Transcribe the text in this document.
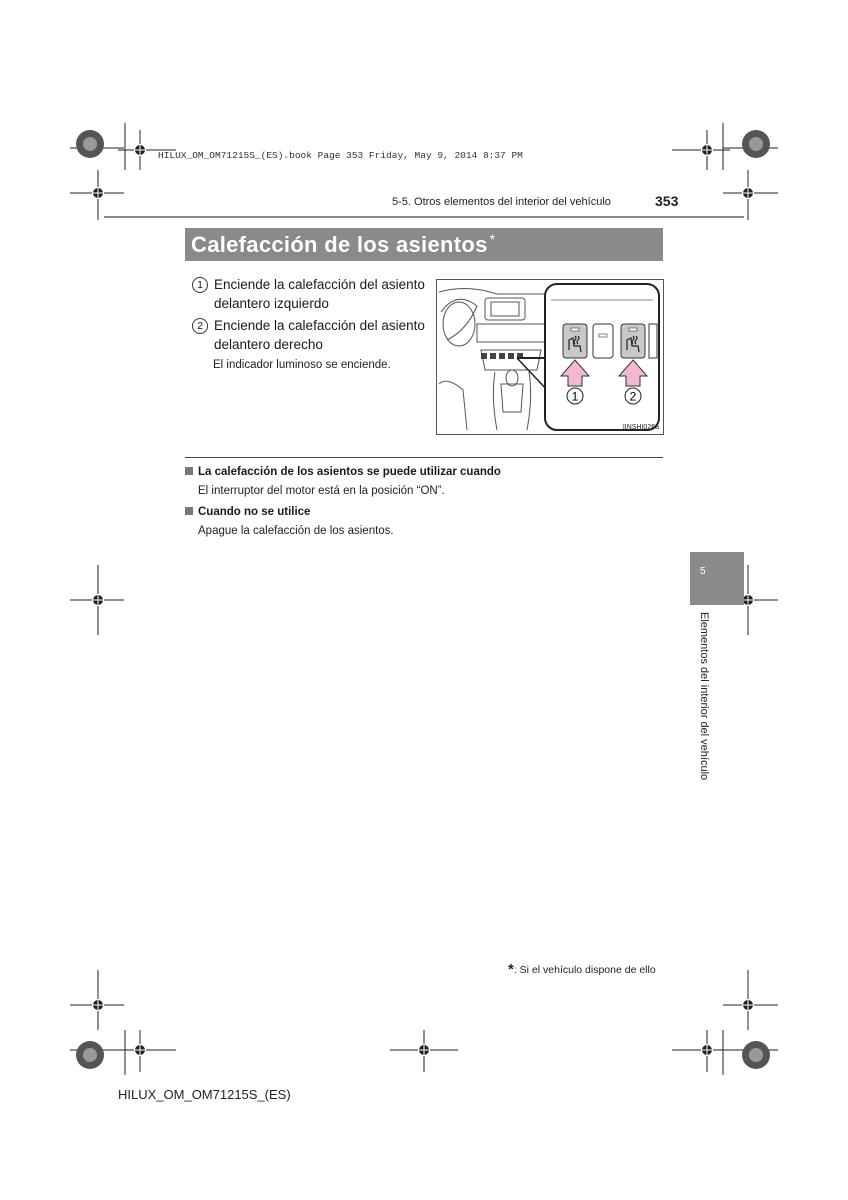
HILUX_OM_OM71215S_(ES).book Page 353 Friday, May 9, 2014 8:37 PM
5-5. Otros elementos del interior del vehículo	353
Calefacción de los asientos *
1 Enciende la calefacción del asiento delantero izquierdo
2 Enciende la calefacción del asiento delantero derecho
El indicador luminoso se enciende.
1	2
IINSHI026a
La calefacción de los asientos se puede utilizar cuando
El interruptor del motor está en la posición “ON”.
Cuando no se utilice
Apague la calefacción de los asientos.
5
Elementos del interior del vehículo
*: Si el vehículo dispone de ello
HILUX_OM_OM71215S_(ES)
